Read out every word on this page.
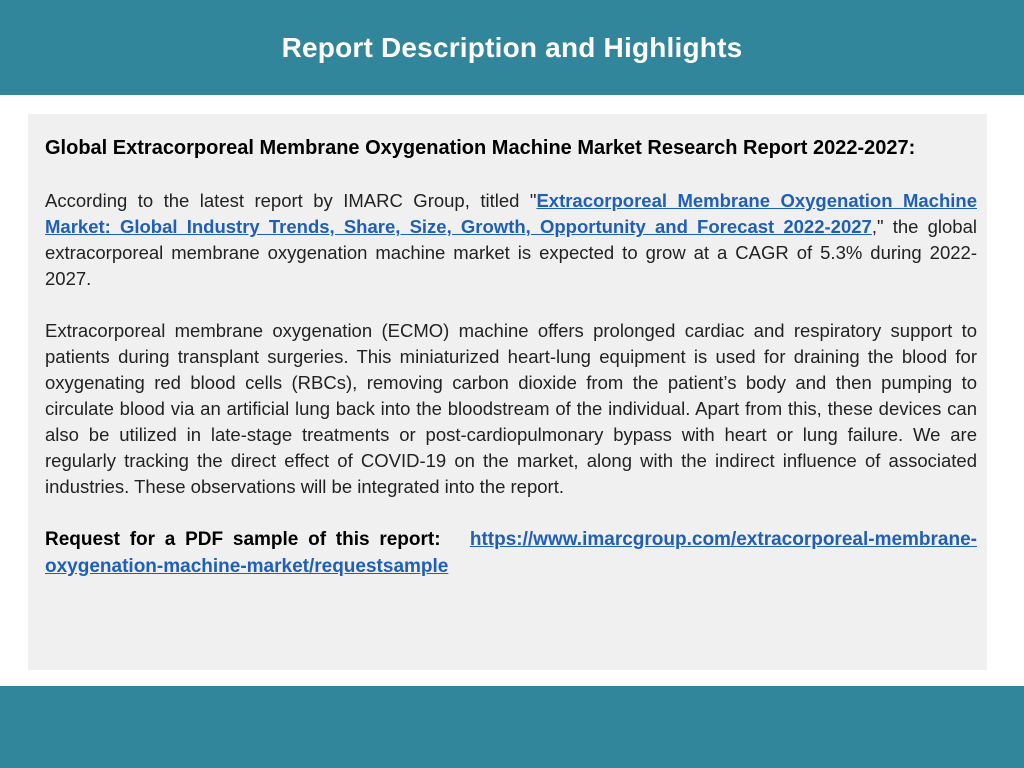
Report Description and Highlights
Global Extracorporeal Membrane Oxygenation Machine Market Research Report 2022-2027:

According to the latest report by IMARC Group, titled "Extracorporeal Membrane Oxygenation Machine Market: Global Industry Trends, Share, Size, Growth, Opportunity and Forecast 2022-2027," the global extracorporeal membrane oxygenation machine market is expected to grow at a CAGR of 5.3% during 2022-2027.

Extracorporeal membrane oxygenation (ECMO) machine offers prolonged cardiac and respiratory support to patients during transplant surgeries. This miniaturized heart-lung equipment is used for draining the blood for oxygenating red blood cells (RBCs), removing carbon dioxide from the patient’s body and then pumping to circulate blood via an artificial lung back into the bloodstream of the individual. Apart from this, these devices can also be utilized in late-stage treatments or post-cardiopulmonary bypass with heart or lung failure. We are regularly tracking the direct effect of COVID-19 on the market, along with the indirect influence of associated industries. These observations will be integrated into the report.

Request for a PDF sample of this report: https://www.imarcgroup.com/extracorporeal-membrane-oxygenation-machine-market/requestsample
